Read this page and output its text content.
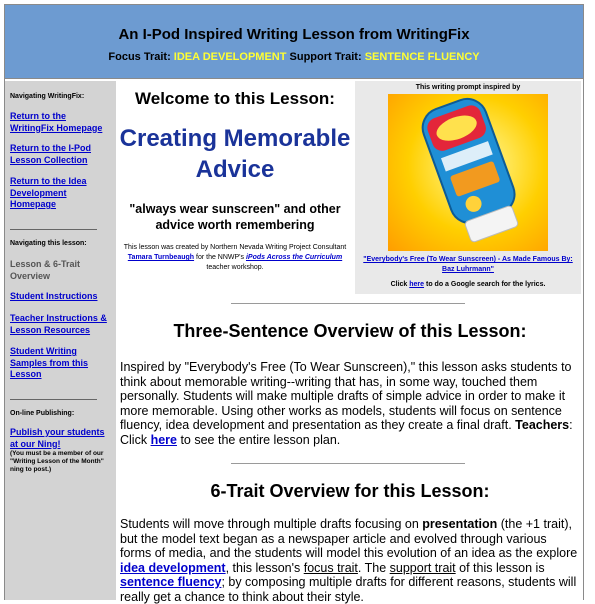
An I-Pod Inspired Writing Lesson from WritingFix
Focus Trait: IDEA DEVELOPMENT Support Trait: SENTENCE FLUENCY
Navigating WritingFix:
Return to the WritingFix Homepage
Return to the I-Pod Lesson Collection
Return to the Idea Development Homepage
Navigating this lesson:
Lesson & 6-Trait Overview
Student Instructions
Teacher Instructions & Lesson Resources
Student Writing Samples from this Lesson
On-line Publishing:
Publish your students at our Ning!
(You must be a member of our "Writing Lesson of the Month" ning to post.)
Welcome to this Lesson:
Creating Memorable Advice
"always wear sunscreen" and other advice worth remembering
This lesson was created by Northern Nevada Writing Project Consultant Tamara Turnbeaugh for the NNWP's iPods Across the Curriculum teacher workshop.
This writing prompt inspired by
"Everybody's Free (To Wear Sunscreen) - As Made Famous By: Baz Luhrmann"
Click here to do a Google search for the lyrics.
Three-Sentence Overview of this Lesson:
Inspired by "Everybody's Free (To Wear Sunscreen)," this lesson asks students to think about memorable writing--writing that has, in some way, touched them personally. Students will make multiple drafts of simple advice in order to make it more memorable. Using other works as models, students will focus on sentence fluency, idea development and presentation as they create a final draft. Teachers: Click here to see the entire lesson plan.
6-Trait Overview for this Lesson:
Students will move through multiple drafts focusing on presentation (the +1 trait), but the model text began as a newspaper article and evolved through various forms of media, and the students will model this evolution of an idea as the explore idea development, this lesson's focus trait. The support trait of this lesson is sentence fluency; by composing multiple drafts for different reasons, students will really get a chance to think about their style.
